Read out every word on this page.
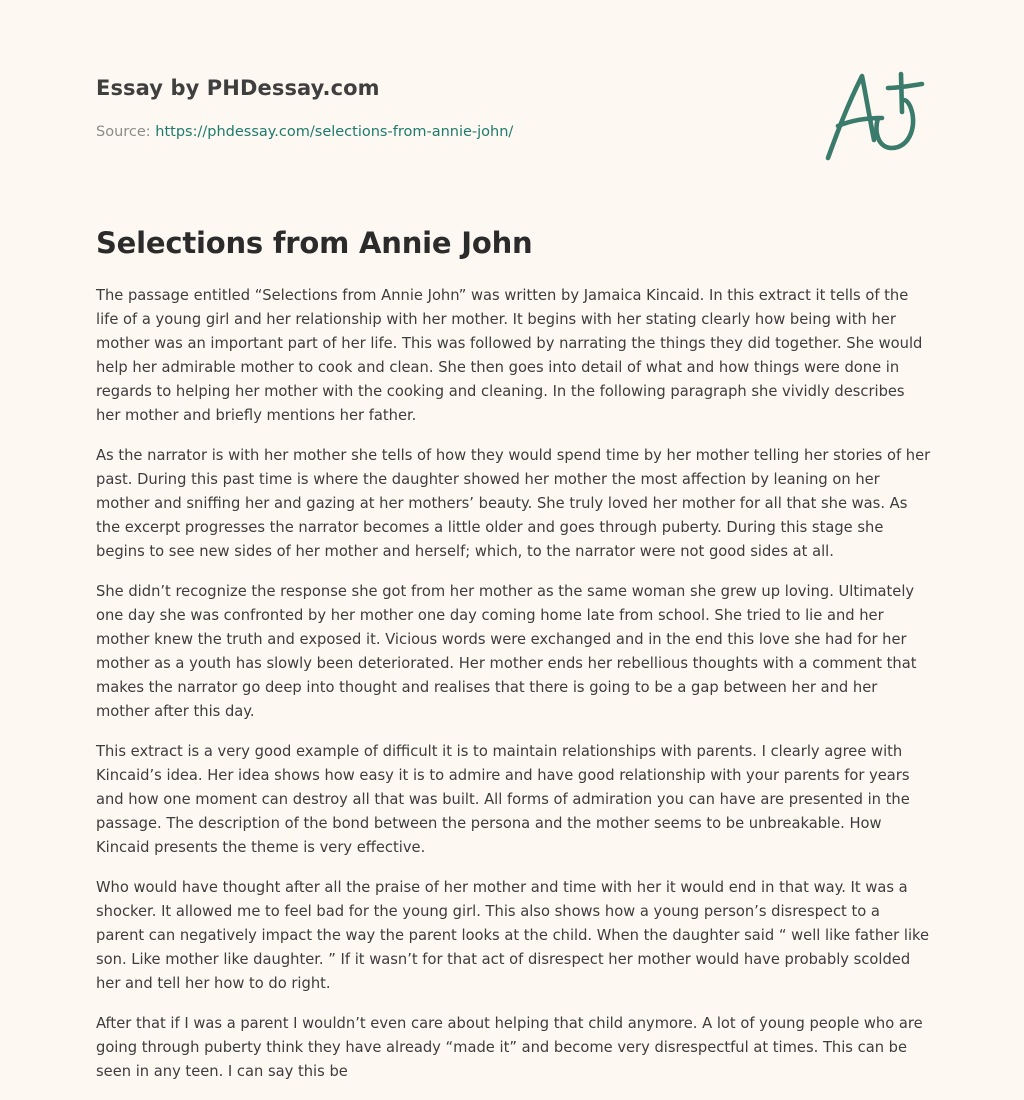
Essay by PHDessay.com
Source: https://phdessay.com/selections-from-annie-john/
Selections from Annie John

The passage entitled “Selections from Annie John” was written by Jamaica Kincaid. In this extract it tells of the life of a young girl and her relationship with her mother. It begins with her stating clearly how being with her mother was an important part of her life. This was followed by narrating the things they did together. She would help her admirable mother to cook and clean. She then goes into detail of what and how things were done in regards to helping her mother with the cooking and cleaning. In the following paragraph she vividly describes her mother and briefly mentions her father.

As the narrator is with her mother she tells of how they would spend time by her mother telling her stories of her past. During this past time is where the daughter showed her mother the most affection by leaning on her mother and sniffing her and gazing at her mothers’ beauty. She truly loved her mother for all that she was. As the excerpt progresses the narrator becomes a little older and goes through puberty. During this stage she begins to see new sides of her mother and herself; which, to the narrator were not good sides at all.

She didn’t recognize the response she got from her mother as the same woman she grew up loving. Ultimately one day she was confronted by her mother one day coming home late from school. She tried to lie and her mother knew the truth and exposed it. Vicious words were exchanged and in the end this love she had for her mother as a youth has slowly been deteriorated. Her mother ends her rebellious thoughts with a comment that makes the narrator go deep into thought and realises that there is going to be a gap between her and her mother after this day.

This extract is a very good example of difficult it is to maintain relationships with parents. I clearly agree with Kincaid’s idea. Her idea shows how easy it is to admire and have good relationship with your parents for years and how one moment can destroy all that was built. All forms of admiration you can have are presented in the passage. The description of the bond between the persona and the mother seems to be unbreakable. How Kincaid presents the theme is very effective.

Who would have thought after all the praise of her mother and time with her it would end in that way. It was a shocker. It allowed me to feel bad for the young girl. This also shows how a young person’s disrespect to a parent can negatively impact the way the parent looks at the child. When the daughter said “ well like father like son. Like mother like daughter. ” If it wasn’t for that act of disrespect her mother would have probably scolded her and tell her how to do right.

After that if I was a parent I wouldn’t even care about helping that child anymore. A lot of young people who are going through puberty think they have already “made it” and become very disrespectful at times. This can be seen in any teen. I can say this be
